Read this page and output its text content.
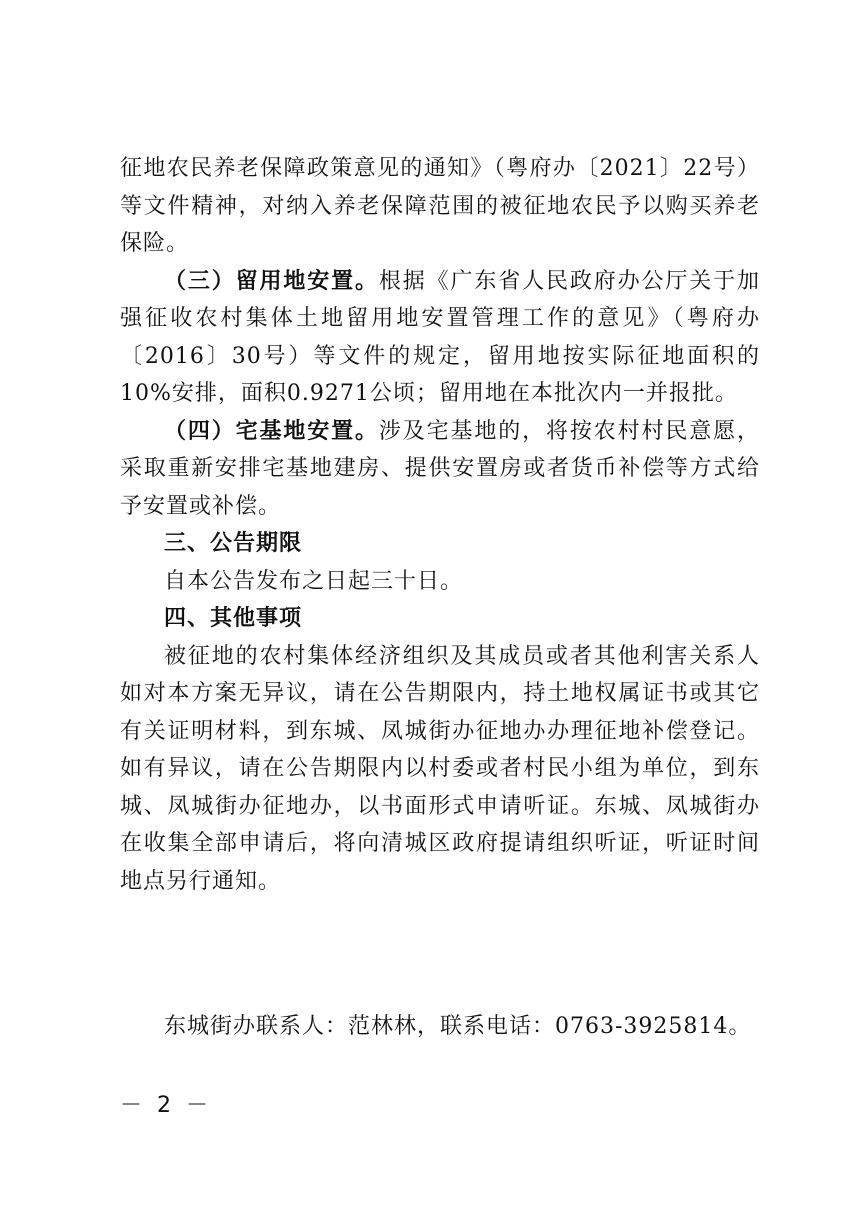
征地农民养老保障政策意见的通知》（粤府办〔2021〕22号）等文件精神，对纳入养老保障范围的被征地农民予以购买养老保险。

（三）留用地安置。根据《广东省人民政府办公厅关于加强征收农村集体土地留用地安置管理工作的意见》（粤府办〔2016〕30号）等文件的规定，留用地按实际征地面积的10%安排，面积0.9271公顷；留用地在本批次内一并报批。

（四）宅基地安置。涉及宅基地的，将按农村村民意愿，采取重新安排宅基地建房、提供安置房或者货币补偿等方式给予安置或补偿。

三、公告期限

自本公告发布之日起三十日。

四、其他事项

被征地的农村集体经济组织及其成员或者其他利害关系人如对本方案无异议，请在公告期限内，持土地权属证书或其它有关证明材料，到东城、凤城街办征地办办理征地补偿登记。如有异议，请在公告期限内以村委或者村民小组为单位，到东城、凤城街办征地办，以书面形式申请听证。东城、凤城街办在收集全部申请后，将向清城区政府提请组织听证，听证时间地点另行通知。

东城街办联系人：范林林，联系电话：0763-3925814。
－ 2 －
